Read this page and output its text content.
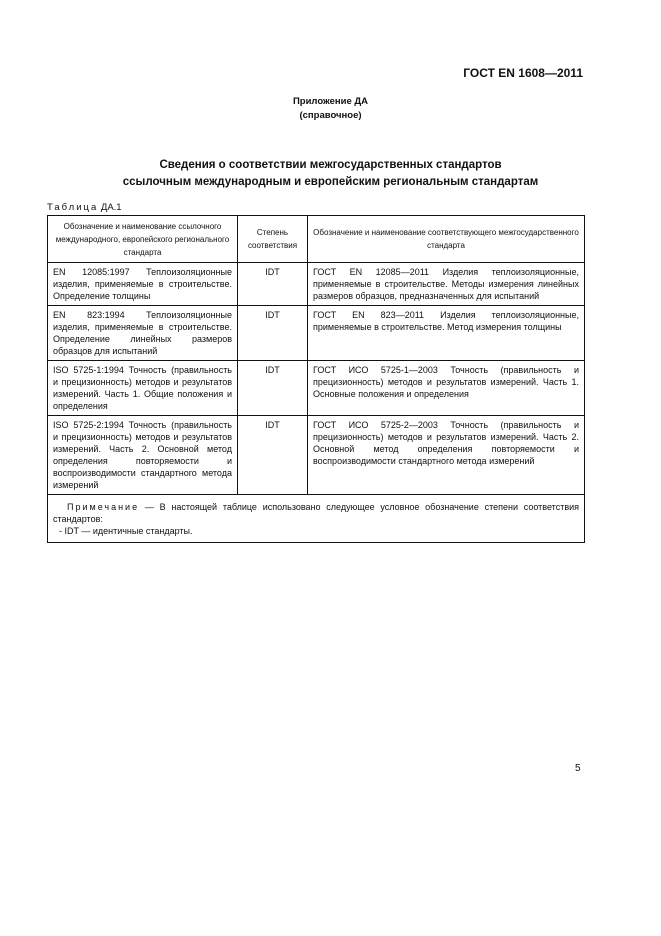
ГОСТ EN 1608—2011
Приложение ДА
(справочное)
Сведения о соответствии межгосударственных стандартов
ссылочным международным и европейским региональным стандартам
Таблица ДА.1
Обозначение и наименование ссылочного международного, европейского регионального стандарта	Степень соответствия	Обозначение и наименование соответствующего межгосударственного стандарта
EN 12085:1997 Теплоизоляционные изделия, применяемые в строительстве. Определение толщины	IDT	ГОСТ EN 12085—2011 Изделия теплоизоляционные, применяемые в строительстве. Методы измерения линейных размеров образцов, предназначенных для испытаний
EN 823:1994 Теплоизоляционные изделия, применяемые в строительстве. Определение линейных размеров образцов для испытаний	IDT	ГОСТ EN 823—2011 Изделия теплоизоляционные, применяемые в строительстве. Метод измерения толщины
ISO 5725-1:1994 Точность (правильность и прецизионность) методов и результатов измерений. Часть 1. Общие положения и определения	IDT	ГОСТ ИСО 5725-1—2003 Точность (правильность и прецизионность) методов и результатов измерений. Часть 1. Основные положения и определения
ISO 5725-2:1994 Точность (правильность и прецизионность) методов и результатов измерений. Часть 2. Основной метод определения повторяемости и воспроизводимости стандартного метода измерений	IDT	ГОСТ ИСО 5725-2—2003 Точность (правильность и прецизионность) методов и результатов измерений. Часть 2. Основной метод определения повторяемости и воспроизводимости стандартного метода измерений

Примечание — В настоящей таблице использовано следующее условное обозначение степени соответствия стандартов:
- IDT — идентичные стандарты.		
5
